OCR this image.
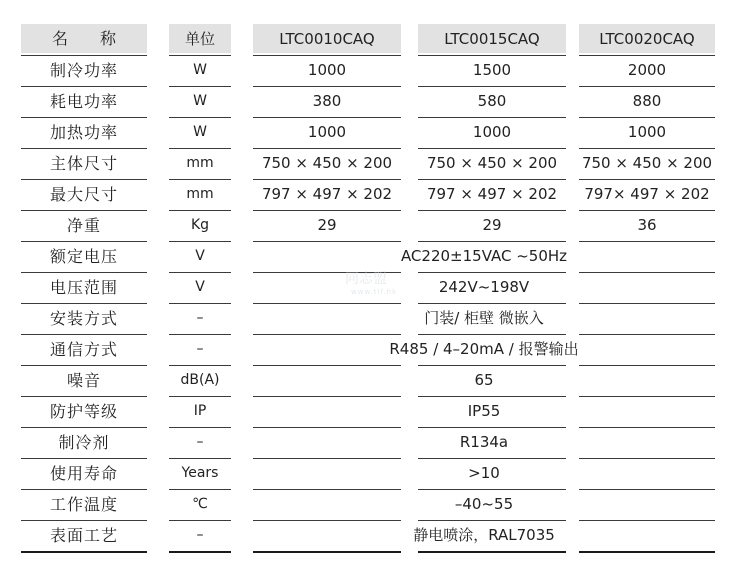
名　　称	单位	LTC0010CAQ	LTC0015CAQ	LTC0020CAQ
制冷功率	W	1000	1500	2000
耗电功率	W	380	580	880
加热功率	W	1000	1000	1000
主体尺寸	mm	750 × 450 × 200	750 × 450 × 200	750 × 450 × 200
最大尺寸	mm	797 × 497 × 202	797 × 497 × 202	797× 497 × 202
净重	Kg	29	29	36
额定电压	V	AC220±15VAC ~50Hz
电压范围	V	242V~198V
安装方式	–	门装/ 柜壁 微嵌入
通信方式	–	R485 / 4–20mA / 报警输出
噪音	dB(A)	65
防护等级	IP	IP55
制冷剂	–	R134a
使用寿命	Years	>10
工作温度	℃	–40~55
表面工艺	–	静电喷涂，RAL7035
同志盟
www.tlf.hk
